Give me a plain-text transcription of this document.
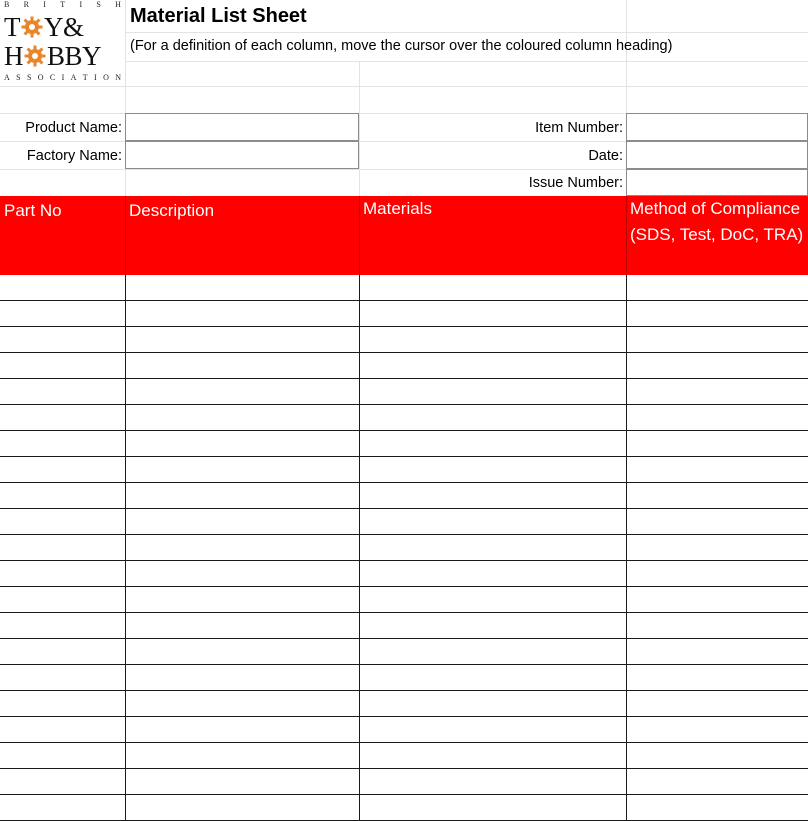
B R I T I S H
T Y&
H BBY
A S S O C I A T I O N
Material List Sheet
(For a definition of each column, move the cursor over the coloured column heading)
Product Name:
Factory Name:
Item Number:
Date:
Issue Number:
Part No	Description	Materials	Method of Compliance (SDS, Test, DoC, TRA)
